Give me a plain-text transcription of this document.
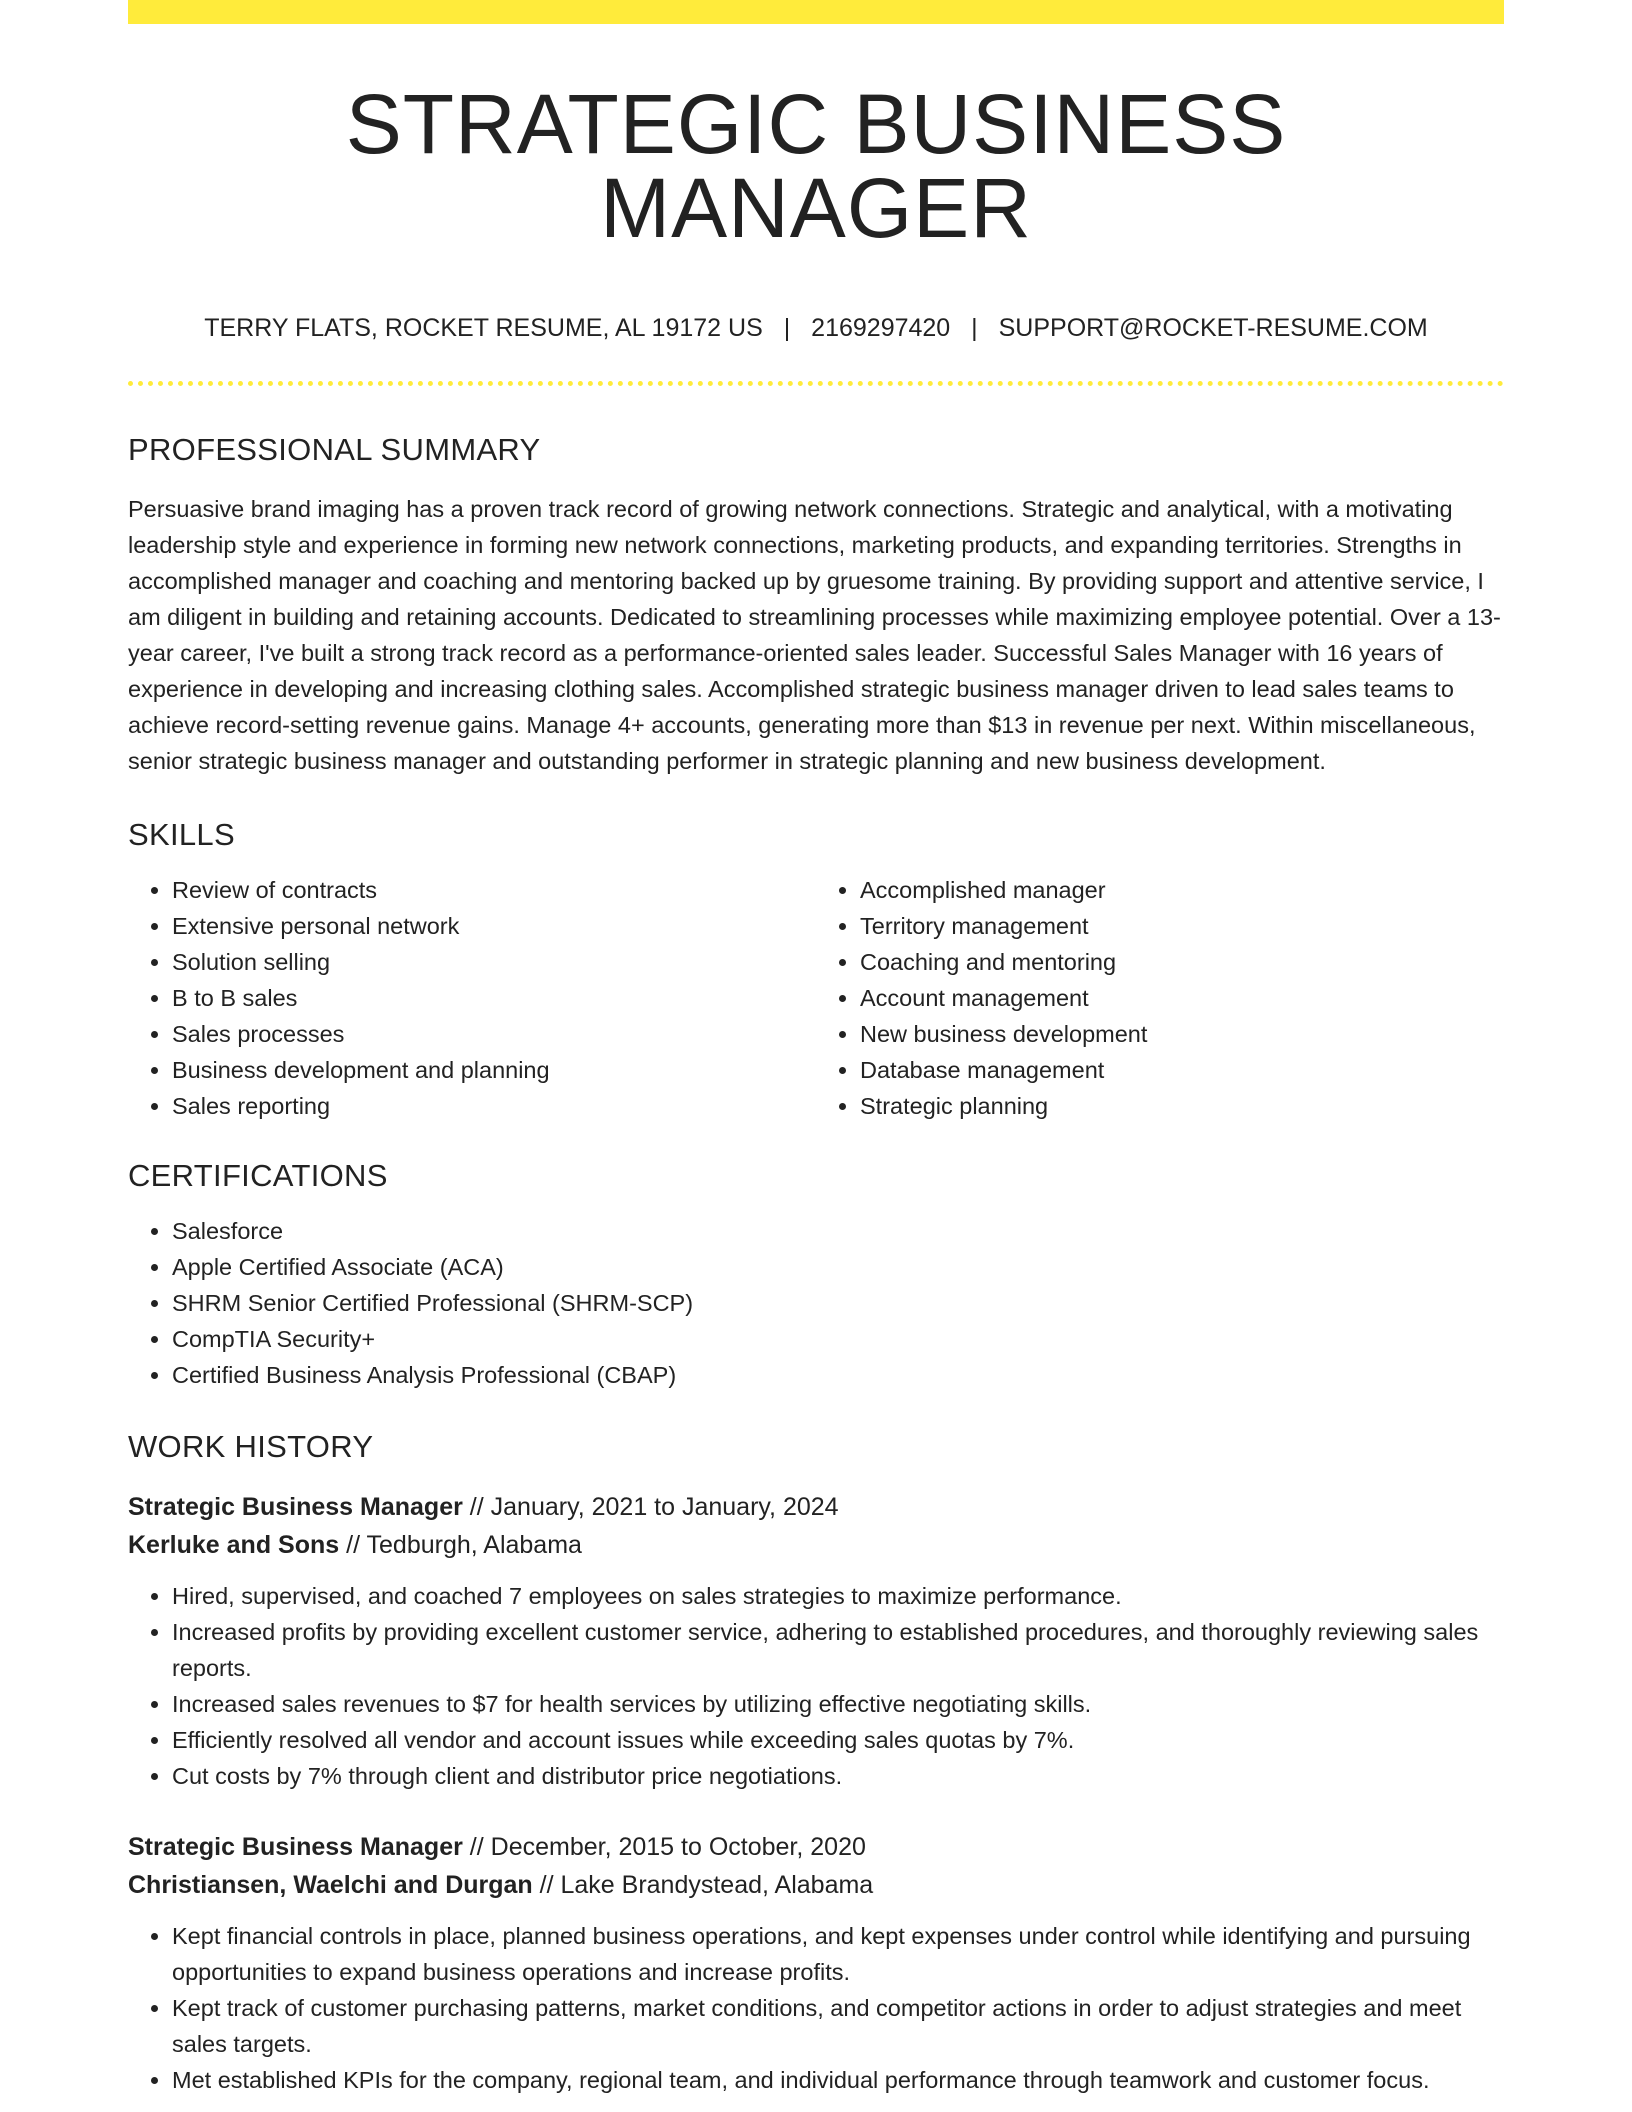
STRATEGIC BUSINESS MANAGER
TERRY FLATS, ROCKET RESUME, AL 19172 US | 2169297420 | SUPPORT@ROCKET-RESUME.COM
PROFESSIONAL SUMMARY

Persuasive brand imaging has a proven track record of growing network connections. Strategic and analytical, with a motivating leadership style and experience in forming new network connections, marketing products, and expanding territories. Strengths in accomplished manager and coaching and mentoring backed up by gruesome training. By providing support and attentive service, I am diligent in building and retaining accounts. Dedicated to streamlining processes while maximizing employee potential. Over a 13-year career, I've built a strong track record as a performance-oriented sales leader. Successful Sales Manager with 16 years of experience in developing and increasing clothing sales. Accomplished strategic business manager driven to lead sales teams to achieve record-setting revenue gains. Manage 4+ accounts, generating more than $13 in revenue per next. Within miscellaneous, senior strategic business manager and outstanding performer in strategic planning and new business development.

SKILLS
• Review of contracts
• Extensive personal network
• Solution selling
• B to B sales
• Sales processes
• Business development and planning
• Sales reporting
• Accomplished manager
• Territory management
• Coaching and mentoring
• Account management
• New business development
• Database management
• Strategic planning
CERTIFICATIONS
• Salesforce
• Apple Certified Associate (ACA)
• SHRM Senior Certified Professional (SHRM-SCP)
• CompTIA Security+
• Certified Business Analysis Professional (CBAP)
WORK HISTORY
Strategic Business Manager // January, 2021 to January, 2024
Kerluke and Sons // Tedburgh, Alabama
• Hired, supervised, and coached 7 employees on sales strategies to maximize performance.
• Increased profits by providing excellent customer service, adhering to established procedures, and thoroughly reviewing sales reports.
• Increased sales revenues to $7 for health services by utilizing effective negotiating skills.
• Efficiently resolved all vendor and account issues while exceeding sales quotas by 7%.
• Cut costs by 7% through client and distributor price negotiations.
Strategic Business Manager // December, 2015 to October, 2020
Christiansen, Waelchi and Durgan // Lake Brandystead, Alabama
• Kept financial controls in place, planned business operations, and kept expenses under control while identifying and pursuing opportunities to expand business operations and increase profits.
• Kept track of customer purchasing patterns, market conditions, and competitor actions in order to adjust strategies and meet sales targets.
• Met established KPIs for the company, regional team, and individual performance through teamwork and customer focus.
